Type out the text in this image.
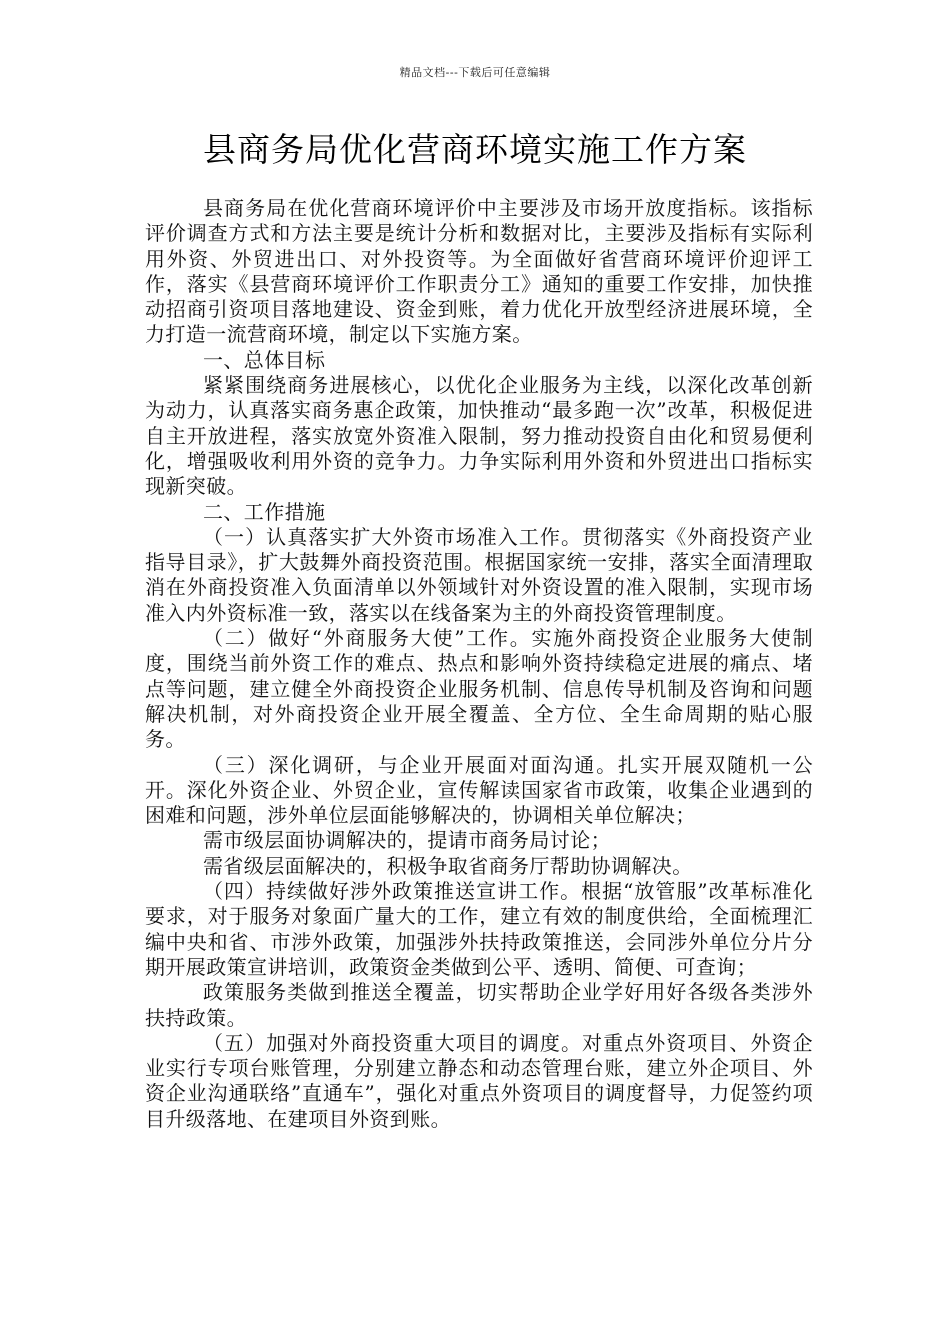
精品文档---下载后可任意编辑
县商务局优化营商环境实施工作方案

县商务局在优化营商环境评价中主要涉及市场开放度指标。该指标评价调查方式和方法主要是统计分析和数据对比，主要涉及指标有实际利用外资、外贸进出口、对外投资等。为全面做好省营商环境评价迎评工作，落实《县营商环境评价工作职责分工》通知的重要工作安排，加快推动招商引资项目落地建设、资金到账，着力优化开放型经济进展环境，全力打造一流营商环境，制定以下实施方案。

一、总体目标

紧紧围绕商务进展核心，以优化企业服务为主线，以深化改革创新为动力，认真落实商务惠企政策，加快推动“最多跑一次”改革，积极促进自主开放进程，落实放宽外资准入限制，努力推动投资自由化和贸易便利化，增强吸收利用外资的竞争力。力争实际利用外资和外贸进出口指标实现新突破。

二、工作措施

（一）认真落实扩大外资市场准入工作。贯彻落实《外商投资产业指导目录》，扩大鼓舞外商投资范围。根据国家统一安排，落实全面清理取消在外商投资准入负面清单以外领域针对外资设置的准入限制，实现市场准入内外资标准一致，落实以在线备案为主的外商投资管理制度。

（二）做好“外商服务大使”工作。实施外商投资企业服务大使制度，围绕当前外资工作的难点、热点和影响外资持续稳定进展的痛点、堵点等问题，建立健全外商投资企业服务机制、信息传导机制及咨询和问题解决机制，对外商投资企业开展全覆盖、全方位、全生命周期的贴心服务。

（三）深化调研，与企业开展面对面沟通。扎实开展双随机一公开。深化外资企业、外贸企业，宣传解读国家省市政策，收集企业遇到的困难和问题，涉外单位层面能够解决的，协调相关单位解决；

需市级层面协调解决的，提请市商务局讨论；

需省级层面解决的，积极争取省商务厅帮助协调解决。

（四）持续做好涉外政策推送宣讲工作。根据“放管服”改革标准化要求，对于服务对象面广量大的工作，建立有效的制度供给，全面梳理汇编中央和省、市涉外政策，加强涉外扶持政策推送，会同涉外单位分片分期开展政策宣讲培训，政策资金类做到公平、透明、简便、可查询；

政策服务类做到推送全覆盖，切实帮助企业学好用好各级各类涉外扶持政策。

（五）加强对外商投资重大项目的调度。对重点外资项目、外资企业实行专项台账管理，分别建立静态和动态管理台账，建立外企项目、外资企业沟通联络”直通车”，强化对重点外资项目的调度督导，力促签约项目升级落地、在建项目外资到账。
